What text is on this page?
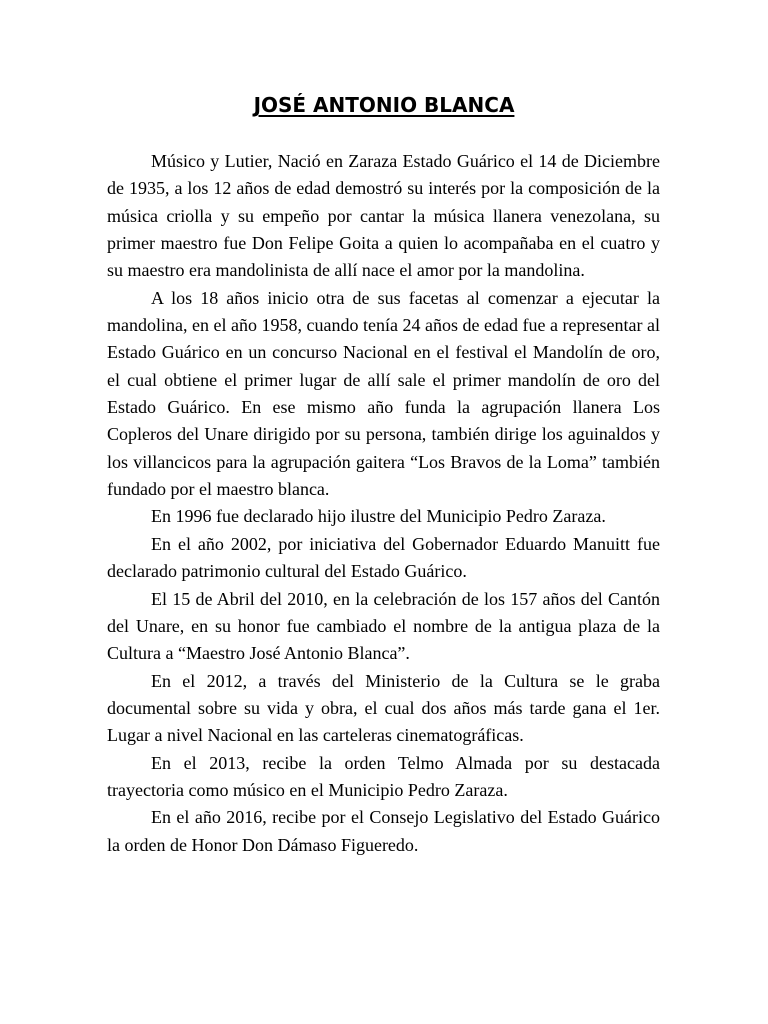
JOSÉ ANTONIO BLANCA

Músico y Lutier, Nació en Zaraza Estado Guárico el 14 de Diciembre de 1935, a los 12 años de edad demostró su interés por la composición de la música criolla y su empeño por cantar la música llanera venezolana, su primer maestro fue Don Felipe Goita a quien lo acompañaba en el cuatro y su maestro era mandolinista de allí nace el amor por la mandolina.

A los 18 años inicio otra de sus facetas al comenzar a ejecutar la mandolina, en el año 1958, cuando tenía 24 años de edad fue a representar al Estado Guárico en un concurso Nacional en el festival el Mandolín de oro, el cual obtiene el primer lugar de allí sale el primer mandolín de oro del Estado Guárico. En ese mismo año funda la agrupación llanera Los Copleros del Unare dirigido por su persona, también dirige los aguinaldos y los villancicos para la agrupación gaitera “Los Bravos de la Loma” también fundado por el maestro blanca.

En 1996 fue declarado hijo ilustre del Municipio Pedro Zaraza.

En el año 2002, por iniciativa del Gobernador Eduardo Manuitt fue declarado patrimonio cultural del Estado Guárico.

El 15 de Abril del 2010, en la celebración de los 157 años del Cantón del Unare, en su honor fue cambiado el nombre de la antigua plaza de la Cultura a “Maestro José Antonio Blanca”.

En el 2012, a través del Ministerio de la Cultura se le graba documental sobre su vida y obra, el cual dos años más tarde gana el 1er. Lugar a nivel Nacional en las carteleras cinematográficas.

En el 2013, recibe la orden Telmo Almada por su destacada trayectoria como músico en el Municipio Pedro Zaraza.

En el año 2016, recibe por el Consejo Legislativo del Estado Guárico la orden de Honor Don Dámaso Figueredo.
